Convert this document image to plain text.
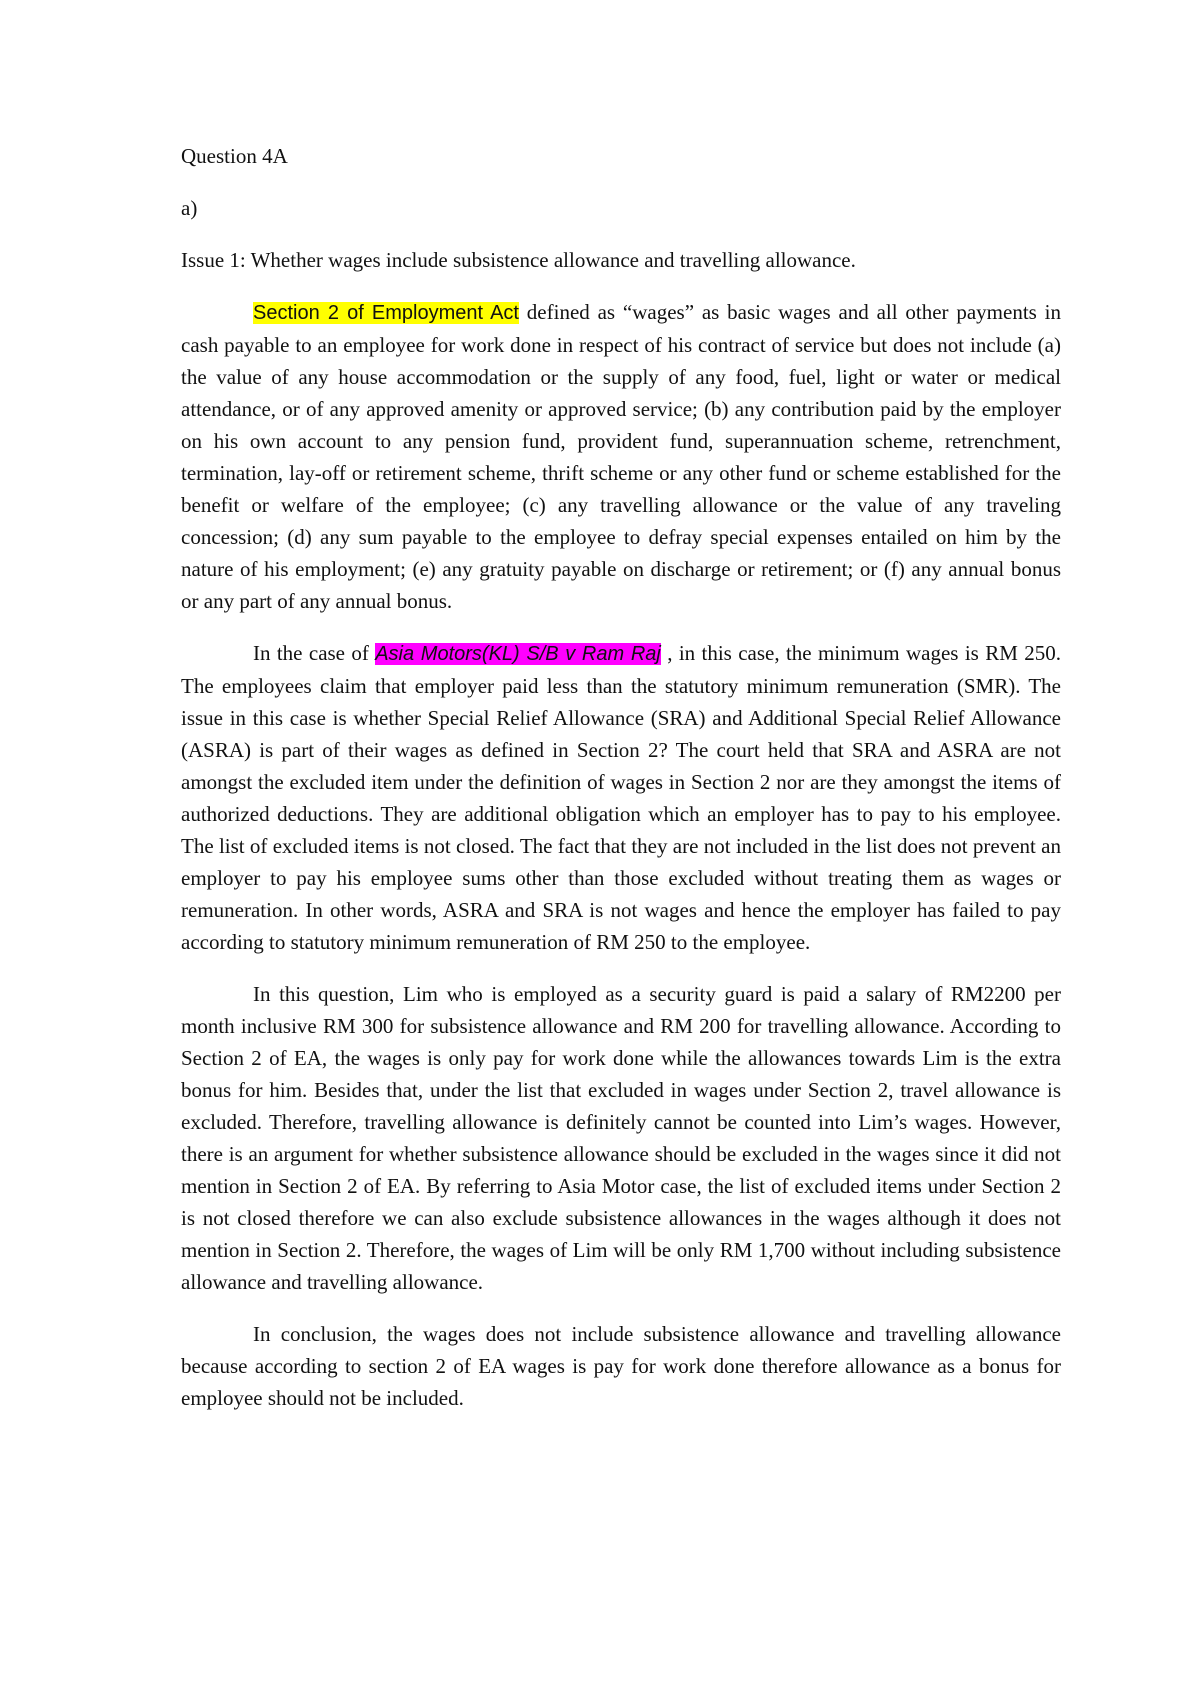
Question 4A

a)

Issue 1: Whether wages include subsistence allowance and travelling allowance.

Section 2 of Employment Act defined as “wages” as basic wages and all other payments in cash payable to an employee for work done in respect of his contract of service but does not include (a) the value of any house accommodation or the supply of any food, fuel, light or water or medical attendance, or of any approved amenity or approved service; (b) any contribution paid by the employer on his own account to any pension fund, provident fund, superannuation scheme, retrenchment, termination, lay-off or retirement scheme, thrift scheme or any other fund or scheme established for the benefit or welfare of the employee; (c) any travelling allowance or the value of any traveling concession; (d) any sum payable to the employee to defray special expenses entailed on him by the nature of his employment; (e) any gratuity payable on discharge or retirement; or (f) any annual bonus or any part of any annual bonus.

In the case of Asia Motors(KL) S/B v Ram Raj , in this case, the minimum wages is RM 250. The employees claim that employer paid less than the statutory minimum remuneration (SMR). The issue in this case is whether Special Relief Allowance (SRA) and Additional Special Relief Allowance (ASRA) is part of their wages as defined in Section 2? The court held that SRA and ASRA are not amongst the excluded item under the definition of wages in Section 2 nor are they amongst the items of authorized deductions. They are additional obligation which an employer has to pay to his employee. The list of excluded items is not closed. The fact that they are not included in the list does not prevent an employer to pay his employee sums other than those excluded without treating them as wages or remuneration. In other words, ASRA and SRA is not wages and hence the employer has failed to pay according to statutory minimum remuneration of RM 250 to the employee.

In this question, Lim who is employed as a security guard is paid a salary of RM2200 per month inclusive RM 300 for subsistence allowance and RM 200 for travelling allowance. According to Section 2 of EA, the wages is only pay for work done while the allowances towards Lim is the extra bonus for him. Besides that, under the list that excluded in wages under Section 2, travel allowance is excluded. Therefore, travelling allowance is definitely cannot be counted into Lim’s wages. However, there is an argument for whether subsistence allowance should be excluded in the wages since it did not mention in Section 2 of EA. By referring to Asia Motor case, the list of excluded items under Section 2 is not closed therefore we can also exclude subsistence allowances in the wages although it does not mention in Section 2. Therefore, the wages of Lim will be only RM 1,700 without including subsistence allowance and travelling allowance.

In conclusion, the wages does not include subsistence allowance and travelling allowance because according to section 2 of EA wages is pay for work done therefore allowance as a bonus for employee should not be included.
